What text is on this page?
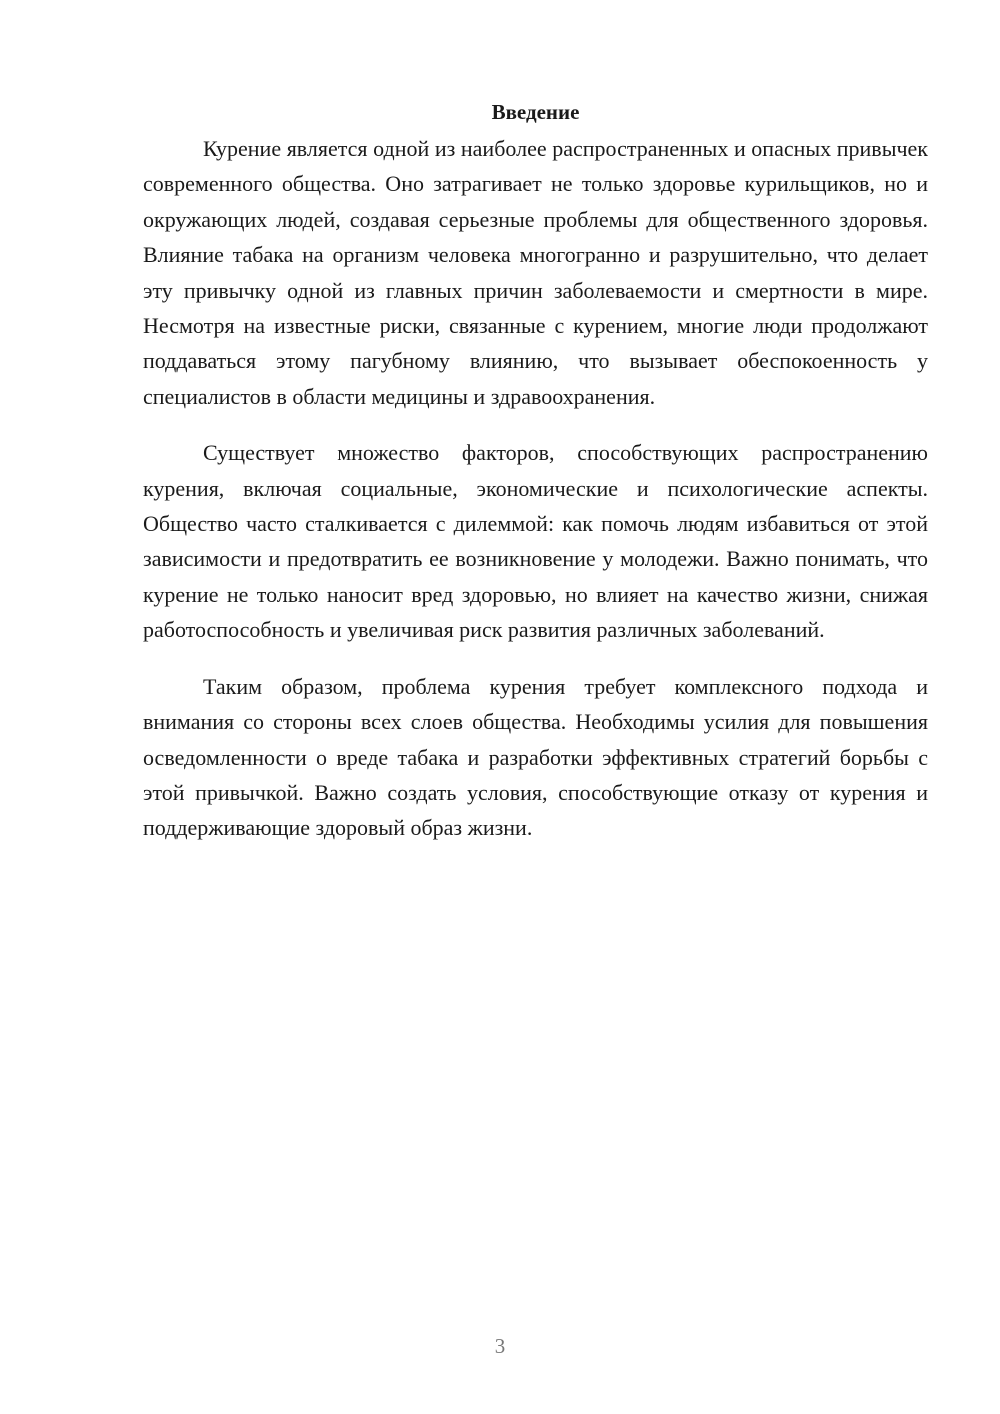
Введение

Курение является одной из наиболее распространенных и опасных привычек современного общества. Оно затрагивает не только здоровье курильщиков, но и окружающих людей, создавая серьезные проблемы для общественного здоровья. Влияние табака на организм человека многогранно и разрушительно, что делает эту привычку одной из главных причин заболеваемости и смертности в мире. Несмотря на известные риски, связанные с курением, многие люди продолжают поддаваться этому пагубному влиянию, что вызывает обеспокоенность у специалистов в области медицины и здравоохранения.

Существует множество факторов, способствующих распространению курения, включая социальные, экономические и психологические аспекты. Общество часто сталкивается с дилеммой: как помочь людям избавиться от этой зависимости и предотвратить ее возникновение у молодежи. Важно понимать, что курение не только наносит вред здоровью, но влияет на качество жизни, снижая работоспособность и увеличивая риск развития различных заболеваний.

Таким образом, проблема курения требует комплексного подхода и внимания со стороны всех слоев общества. Необходимы усилия для повышения осведомленности о вреде табака и разработки эффективных стратегий борьбы с этой привычкой. Важно создать условия, способствующие отказу от курения и поддерживающие здоровый образ жизни.

3
